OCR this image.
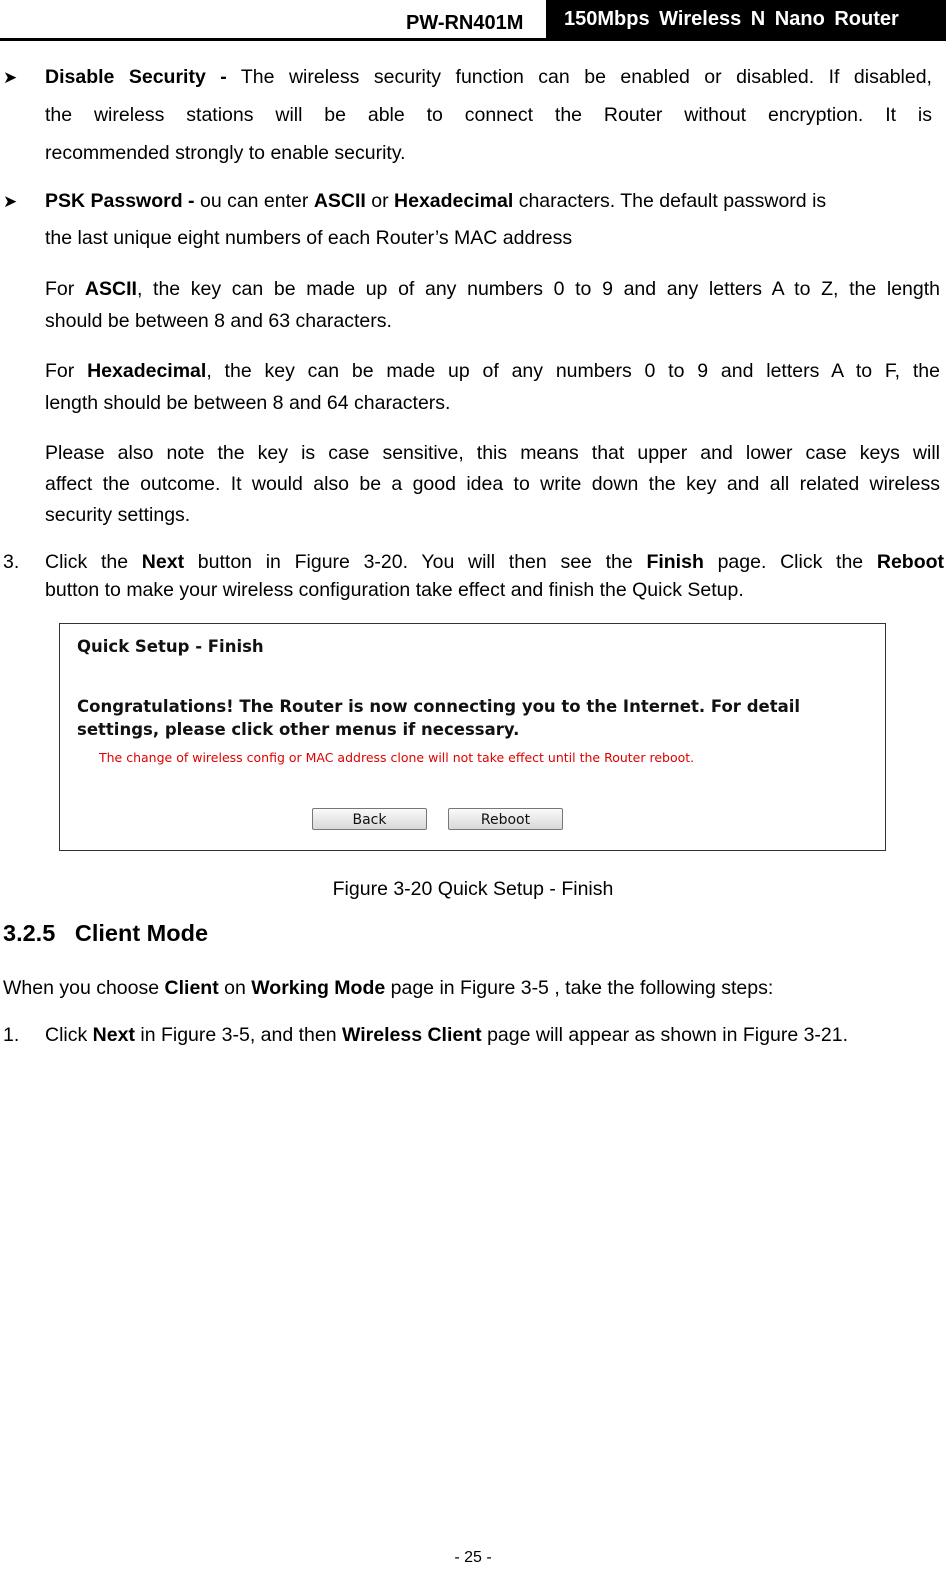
PW-RN401M	150Mbps Wireless N Nano Router
➤ Disable Security - The wireless security function can be enabled or disabled. If disabled,
the wireless stations will be able to connect the Router without encryption. It is
recommended strongly to enable security.
➤ PSK Password - ou can enter ASCII or Hexadecimal characters. The default password is
the last unique eight numbers of each Router’s MAC address
For ASCII, the key can be made up of any numbers 0 to 9 and any letters A to Z, the length
should be between 8 and 63 characters.
For Hexadecimal, the key can be made up of any numbers 0 to 9 and letters A to F, the
length should be between 8 and 64 characters.
Please also note the key is case sensitive, this means that upper and lower case keys will
affect the outcome. It would also be a good idea to write down the key and all related wireless
security settings.
3. Click the Next button in Figure 3-20. You will then see the Finish page. Click the Reboot
button to make your wireless configuration take effect and finish the Quick Setup.
Quick Setup - Finish
Congratulations! The Router is now connecting you to the Internet. For detail settings, please click other menus if necessary.
The change of wireless config or MAC address clone will not take effect until the Router reboot.
Back	Reboot
Figure 3-20 Quick Setup - Finish
3.2.5 Client Mode
When you choose Client on Working Mode page in Figure 3-5 , take the following steps:
1. Click Next in Figure 3-5, and then Wireless Client page will appear as shown in Figure 3-21.
- 25 -
